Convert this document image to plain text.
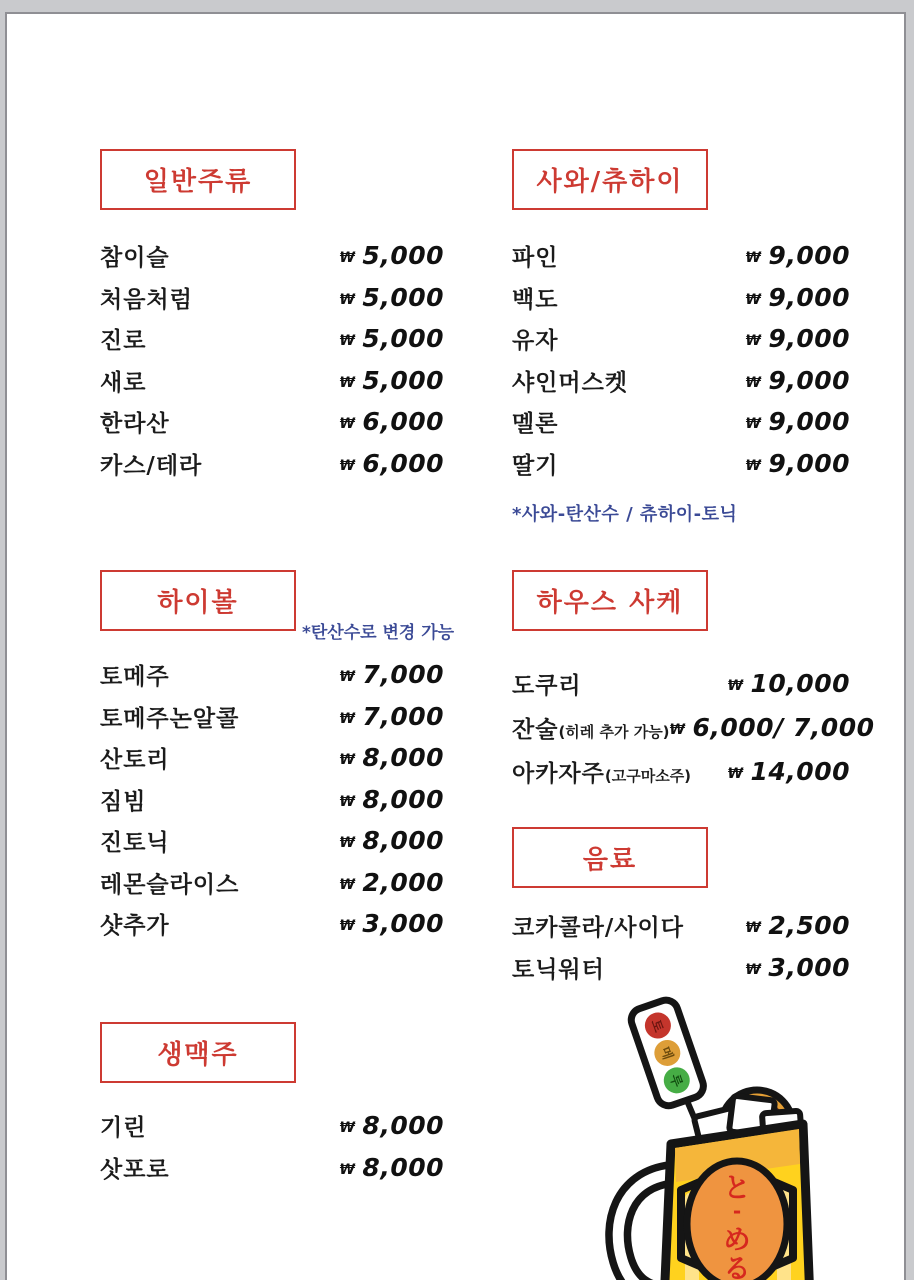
일반주류
참이슬	₩ 5,000
처음처럼	₩ 5,000
진로	₩ 5,000
새로	₩ 5,000
한라산	₩ 6,000
카스/테라	₩ 6,000
사와/츄하이
파인	₩ 9,000
백도	₩ 9,000
유자	₩ 9,000
샤인머스켓	₩ 9,000
멜론	₩ 9,000
딸기	₩ 9,000
*사와-탄산수 / 츄하이-토닉
하이볼
*탄산수로 변경 가능
토메주	₩ 7,000
토메주논알콜	₩ 7,000
산토리	₩ 8,000
짐빔	₩ 8,000
진토닉	₩ 8,000
레몬슬라이스	₩ 2,000
샷추가	₩ 3,000
하우스 사케
도쿠리	₩ 10,000
잔술(히레 추가 가능) ₩ 6,000/ 7,000
아카자주(고구마소주)	₩ 14,000
음료
코카콜라/사이다	₩ 2,500
토닉워터	₩ 3,000
생맥주
기린	₩ 8,000
삿포로	₩ 8,000
토
메
루
と
-
め
る
